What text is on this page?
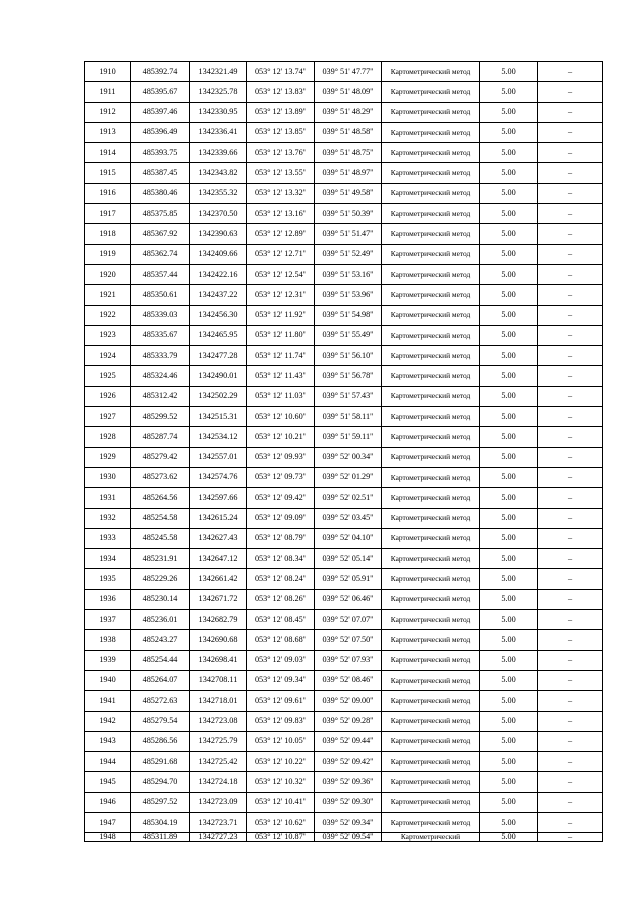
1910	485392.74	1342321.49	053° 12' 13.74"	039° 51' 47.77"	Картометрический метод	5.00	–
1911	485395.67	1342325.78	053° 12' 13.83"	039° 51' 48.09"	Картометрический метод	5.00	–
1912	485397.46	1342330.95	053° 12' 13.89"	039° 51' 48.29"	Картометрический метод	5.00	–
1913	485396.49	1342336.41	053° 12' 13.85"	039° 51' 48.58"	Картометрический метод	5.00	–
1914	485393.75	1342339.66	053° 12' 13.76"	039° 51' 48.75"	Картометрический метод	5.00	–
1915	485387.45	1342343.82	053° 12' 13.55"	039° 51' 48.97"	Картометрический метод	5.00	–
1916	485380.46	1342355.32	053° 12' 13.32"	039° 51' 49.58"	Картометрический метод	5.00	–
1917	485375.85	1342370.50	053° 12' 13.16"	039° 51' 50.39"	Картометрический метод	5.00	–
1918	485367.92	1342390.63	053° 12' 12.89"	039° 51' 51.47"	Картометрический метод	5.00	–
1919	485362.74	1342409.66	053° 12' 12.71"	039° 51' 52.49"	Картометрический метод	5.00	–
1920	485357.44	1342422.16	053° 12' 12.54"	039° 51' 53.16"	Картометрический метод	5.00	–
1921	485350.61	1342437.22	053° 12' 12.31"	039° 51' 53.96"	Картометрический метод	5.00	–
1922	485339.03	1342456.30	053° 12' 11.92"	039° 51' 54.98"	Картометрический метод	5.00	–
1923	485335.67	1342465.95	053° 12' 11.80"	039° 51' 55.49"	Картометрический метод	5.00	–
1924	485333.79	1342477.28	053° 12' 11.74"	039° 51' 56.10"	Картометрический метод	5.00	–
1925	485324.46	1342490.01	053° 12' 11.43"	039° 51' 56.78"	Картометрический метод	5.00	–
1926	485312.42	1342502.29	053° 12' 11.03"	039° 51' 57.43"	Картометрический метод	5.00	–
1927	485299.52	1342515.31	053° 12' 10.60"	039° 51' 58.11"	Картометрический метод	5.00	–
1928	485287.74	1342534.12	053° 12' 10.21"	039° 51' 59.11"	Картометрический метод	5.00	–
1929	485279.42	1342557.01	053° 12' 09.93"	039° 52' 00.34"	Картометрический метод	5.00	–
1930	485273.62	1342574.76	053° 12' 09.73"	039° 52' 01.29"	Картометрический метод	5.00	–
1931	485264.56	1342597.66	053° 12' 09.42"	039° 52' 02.51"	Картометрический метод	5.00	–
1932	485254.58	1342615.24	053° 12' 09.09"	039° 52' 03.45"	Картометрический метод	5.00	–
1933	485245.58	1342627.43	053° 12' 08.79"	039° 52' 04.10"	Картометрический метод	5.00	–
1934	485231.91	1342647.12	053° 12' 08.34"	039° 52' 05.14"	Картометрический метод	5.00	–
1935	485229.26	1342661.42	053° 12' 08.24"	039° 52' 05.91"	Картометрический метод	5.00	–
1936	485230.14	1342671.72	053° 12' 08.26"	039° 52' 06.46"	Картометрический метод	5.00	–
1937	485236.01	1342682.79	053° 12' 08.45"	039° 52' 07.07"	Картометрический метод	5.00	–
1938	485243.27	1342690.68	053° 12' 08.68"	039° 52' 07.50"	Картометрический метод	5.00	–
1939	485254.44	1342698.41	053° 12' 09.03"	039° 52' 07.93"	Картометрический метод	5.00	–
1940	485264.07	1342708.11	053° 12' 09.34"	039° 52' 08.46"	Картометрический метод	5.00	–
1941	485272.63	1342718.01	053° 12' 09.61"	039° 52' 09.00"	Картометрический метод	5.00	–
1942	485279.54	1342723.08	053° 12' 09.83"	039° 52' 09.28"	Картометрический метод	5.00	–
1943	485286.56	1342725.79	053° 12' 10.05"	039° 52' 09.44"	Картометрический метод	5.00	–
1944	485291.68	1342725.42	053° 12' 10.22"	039° 52' 09.42"	Картометрический метод	5.00	–
1945	485294.70	1342724.18	053° 12' 10.32"	039° 52' 09.36"	Картометрический метод	5.00	–
1946	485297.52	1342723.09	053° 12' 10.41"	039° 52' 09.30"	Картометрический метод	5.00	–
1947	485304.19	1342723.71	053° 12' 10.62"	039° 52' 09.34"	Картометрический метод	5.00	–
1948	485311.89	1342727.23	053° 12' 10.87"	039° 52' 09.54"	Картометрический	5.00	–
